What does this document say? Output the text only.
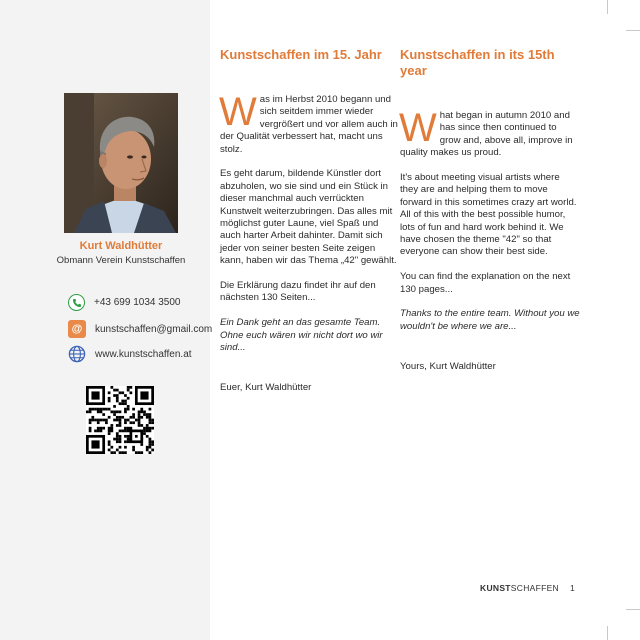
Kurt Waldhütter
Obmann Verein Kunstschaffen
+43 699 1034 3500
@	kunstschaffen@gmail.com
www.kunstschaffen.at
Kunstschaffen im 15. Jahr

Was im Herbst 2010 begann und sich seitdem immer wieder vergrößert und vor allem auch in der Qualität verbessert hat, macht uns stolz.

Es geht darum, bildende Künstler dort abzuholen, wo sie sind und ein Stück in dieser manchmal auch verrückten Kunstwelt weiterzubringen. Das alles mit möglichst guter Laune, viel Spaß und auch harter Arbeit dahinter. Damit sich jeder von seiner besten Seite zeigen kann, haben wir das Thema „42" gewählt.

Die Erklärung dazu findet ihr auf den nächsten 130 Seiten...

Ein Dank geht an das gesamte Team. Ohne euch wären wir nicht dort wo wir sind...

Euer, Kurt Waldhütter

Kunstschaffen in its 15th year

What began in autumn 2010 and has since then continued to grow and, above all, improve in quality makes us proud.

It's about meeting visual artists where they are and helping them to move forward in this sometimes crazy art world. All of this with the best possible humor, lots of fun and hard work behind it. We have chosen the theme "42" so that everyone can show their best side.

You can find the explanation on the next 130 pages...

Thanks to the entire team. Without you we wouldn't be where we are...

Yours, Kurt Waldhütter

KUNSTSCHAFFEN 1
